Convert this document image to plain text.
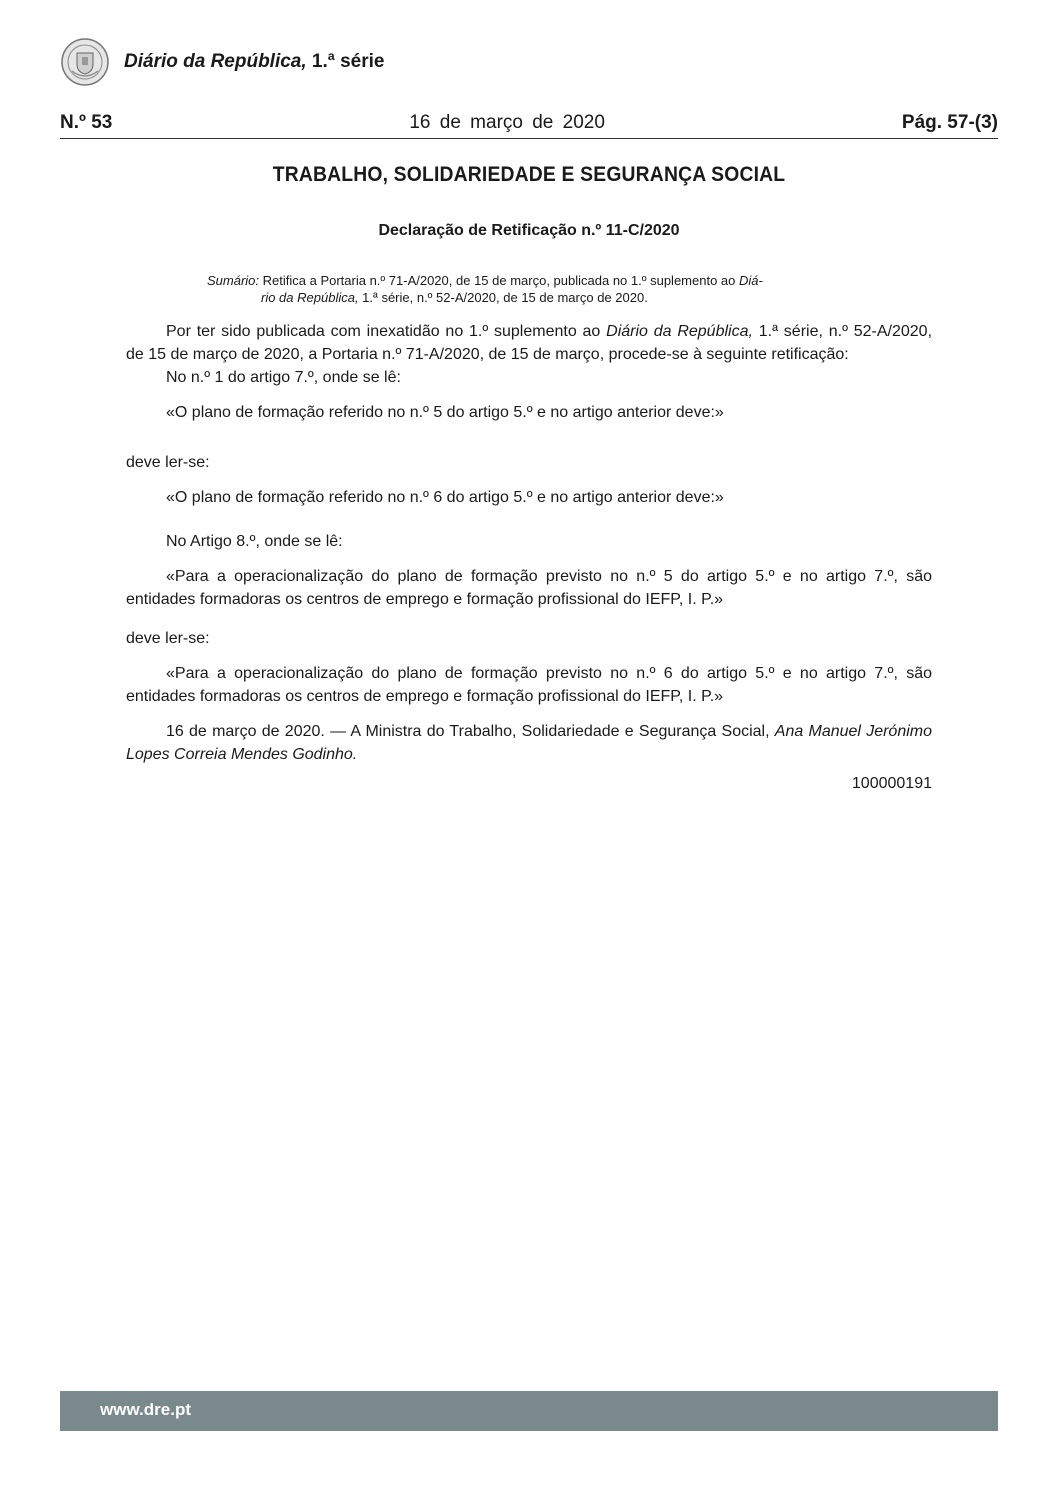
Diário da República, 1.ª série
N.º 53	16 de março de 2020	Pág. 57-(3)
TRABALHO, SOLIDARIEDADE E SEGURANÇA SOCIAL
Declaração de Retificação n.º 11-C/2020
Sumário: Retifica a Portaria n.º 71-A/2020, de 15 de março, publicada no 1.º suplemento ao Diá-
rio da República, 1.ª série, n.º 52-A/2020, de 15 de março de 2020.

Por ter sido publicada com inexatidão no 1.º suplemento ao Diário da República, 1.ª série, n.º 52-A/2020, de 15 de março de 2020, a Portaria n.º 71-A/2020, de 15 de março, procede-se à seguinte retificação:

No n.º 1 do artigo 7.º, onde se lê:

«O plano de formação referido no n.º 5 do artigo 5.º e no artigo anterior deve:»

deve ler-se:

«O plano de formação referido no n.º 6 do artigo 5.º e no artigo anterior deve:»

No Artigo 8.º, onde se lê:

«Para a operacionalização do plano de formação previsto no n.º 5 do artigo 5.º e no artigo 7.º, são entidades formadoras os centros de emprego e formação profissional do IEFP, I. P.»

deve ler-se:

«Para a operacionalização do plano de formação previsto no n.º 6 do artigo 5.º e no artigo 7.º, são entidades formadoras os centros de emprego e formação profissional do IEFP, I. P.»

16 de março de 2020. — A Ministra do Trabalho, Solidariedade e Segurança Social, Ana Manuel Jerónimo Lopes Correia Mendes Godinho.

100000191

www.dre.pt
